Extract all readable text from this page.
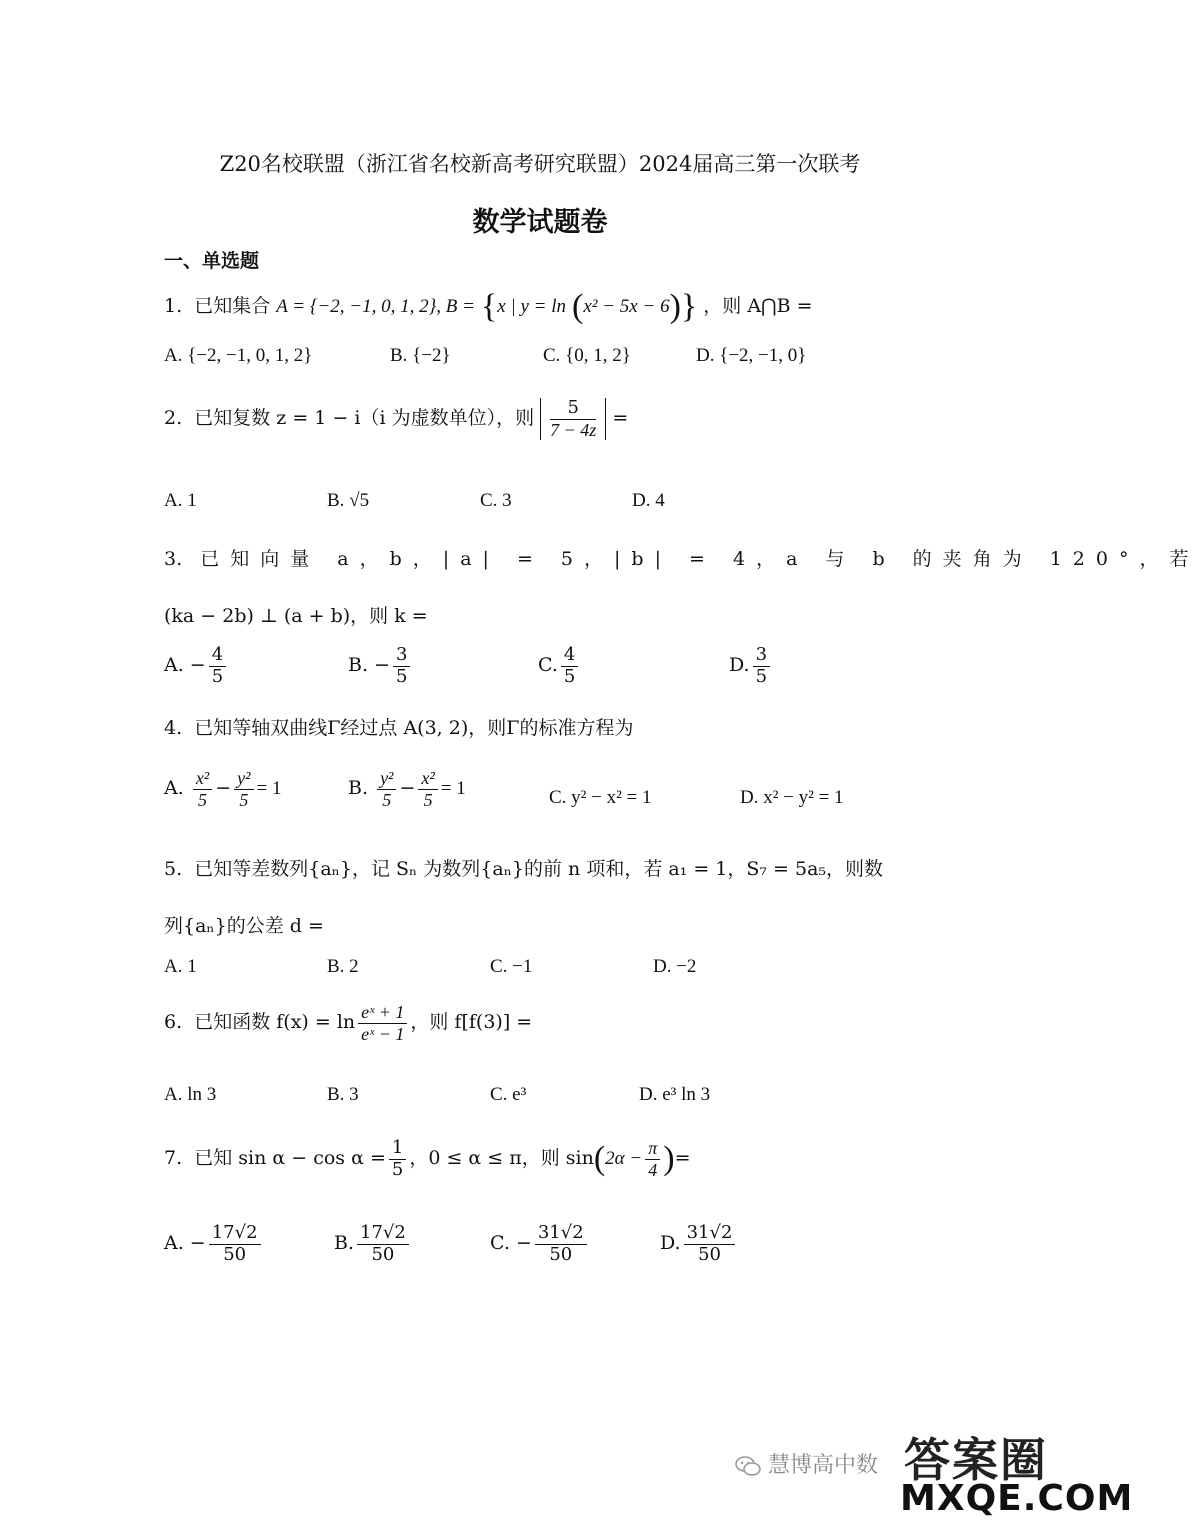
Z20名校联盟（浙江省名校新高考研究联盟）2024届高三第一次联考
数学试题卷
一、单选题
1. 已知集合 A = {−2, −1, 0, 1, 2}, B = {x | y = ln (x² − 5x − 6)} ，则 A⋂B =
A. {−2, −1, 0, 1, 2}	B. {−2}	C. {0, 1, 2}	D. {−2, −1, 0}
2. 已知复数 z = 1 − i（i 为虚数单位），则 $\frac{5}{7 - 4z}$ =
A. 1	B. √5	C. 3	D. 4
3. 已知向量 a，b，|a| = 5，|b| = 4，a 与 b 的夹角为 120°，若
(ka − 2b) ⊥ (a + b)，则 k =
A. − $\frac{4}{5}$	B. − $\frac{3}{5}$	C. $\frac{4}{5}$	D. $\frac{3}{5}$
4. 已知等轴双曲线Γ经过点 A(3, 2)，则Γ的标准方程为
A. $\frac{\text{x²}}{5} - \frac{\text{y²}}{5} = 1$	B. $\frac{\text{y²}}{5} - \frac{\text{x²}}{5} = 1$	C. y² − x² = 1	D. x² − y² = 1
5. 已知等差数列{aₙ}，记 Sₙ 为数列{aₙ}的前 n 项和，若 a₁ = 1，S₇ = 5a₅，则数
列{aₙ}的公差 d =
A. 1	B. 2	C. −1	D. −2
6. 已知函数 $f(x) = \ln \frac{\text{eˣ + 1}}{\text{eˣ − 1}}$ ，则 f[f(3)] =
A. ln 3	B. 3	C. e³	D. e³ ln 3
7. 已知 $\sin \alpha - \cos \alpha = \frac{1}{5}$ ，0 ≤ α ≤ π，则 $\sin(2\alpha - \frac{\pi}{4}$ )=
A. − $\frac{17√2}{50}$	B. $\frac{17√2}{50}$	C. − $\frac{31√2}{50}$	D. $\frac{31√2}{50}$
慧博高中数 答案圈
MXQE.COM
